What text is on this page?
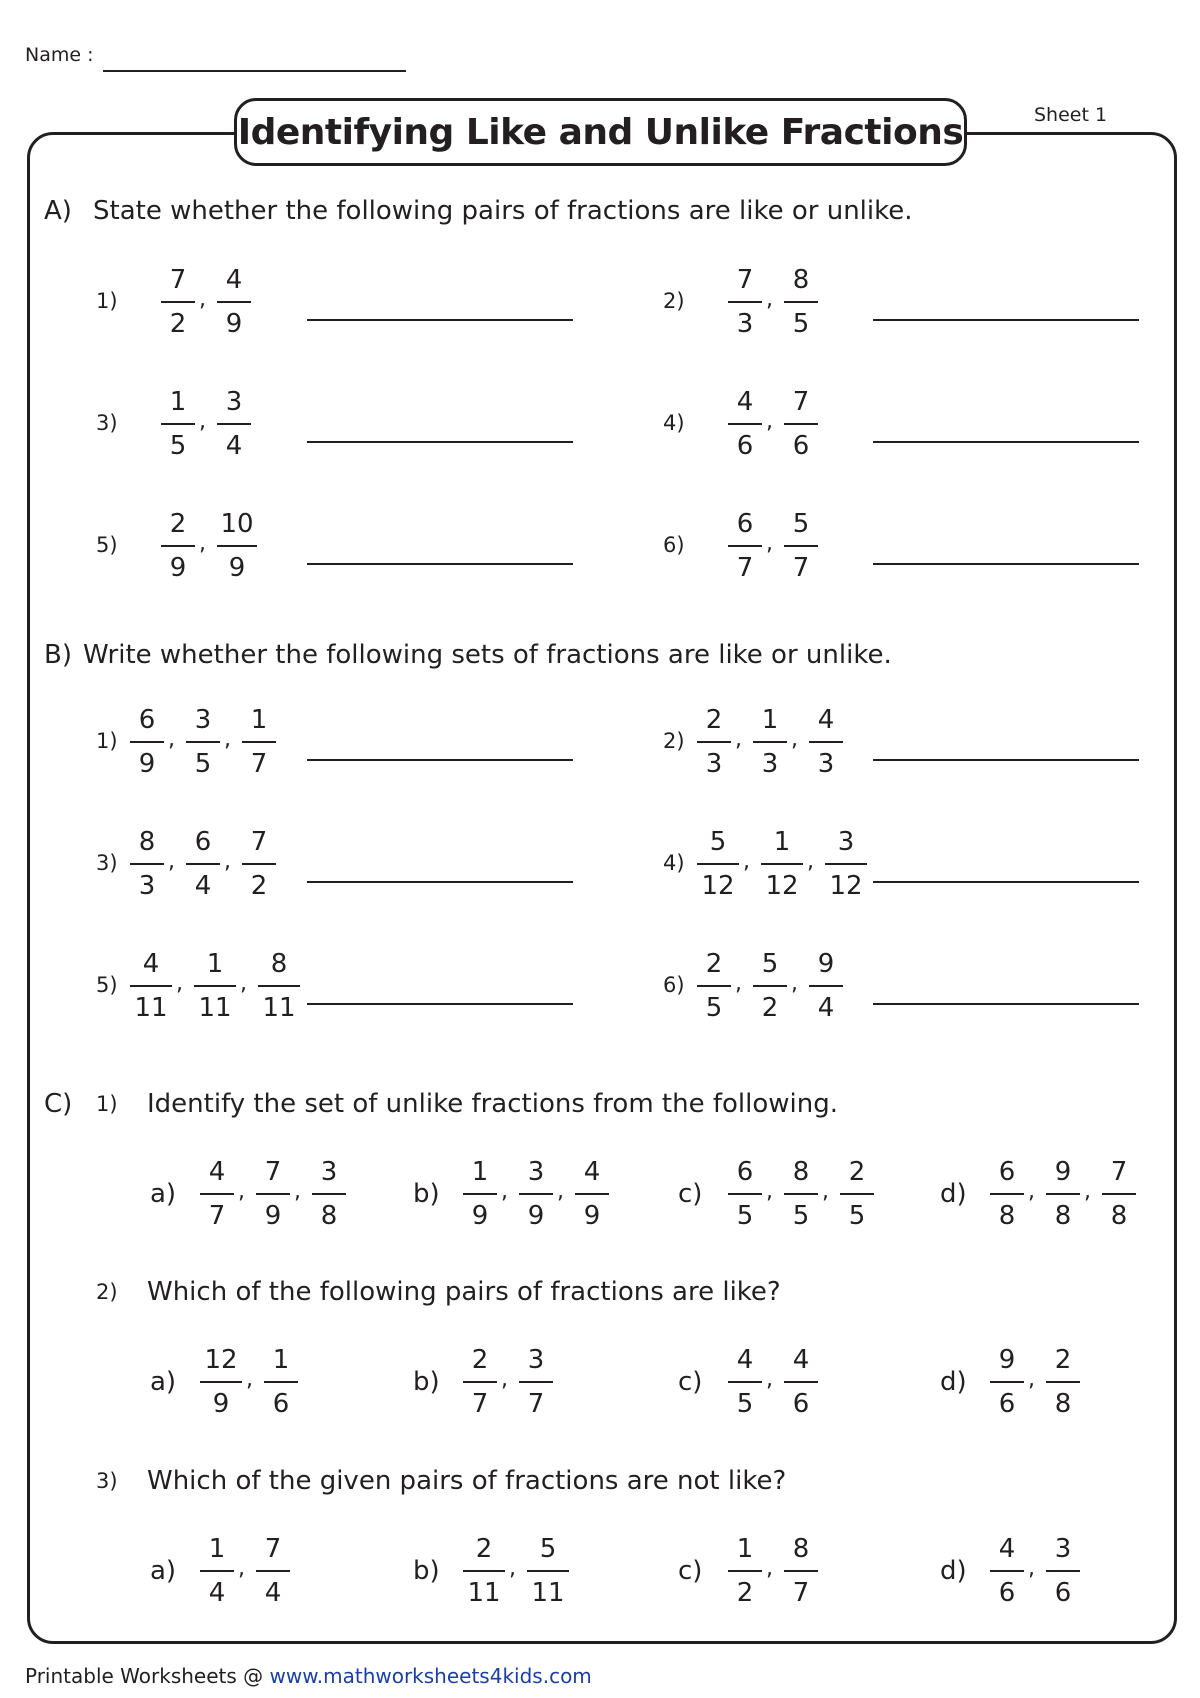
Name :
Identifying Like and Unlike Fractions	Sheet 1
A) State whether the following pairs of fractions are like or unlike.
1)
7
2
,
4
9
2)
7
3
,
8
5
3)
1
5
,
3
4
4)
4
6
,
7
6
5)
2
9
,
10
9
6)
6
7
,
5
7
B) Write whether the following sets of fractions are like or unlike.
1)
6
9
,
3
5
,
1
7
2)
2
3
,
1
3
,
4
3
3)
8
3
,
6
4
,
7
2
4)
5
12
,
1
12
,
3
12
5)
4
11
,
1
11
,
8
11
6)
2
5
,
5
2
,
9
4
C) 1) Identify the set of unlike fractions from the following.
a)
4
7
,
7
9
,
3
8
b)
1
9
,
3
9
,
4
9
c)
6
5
,
8
5
,
2
5
d)
6
8
,
9
8
,
7
8
2) Which of the following pairs of fractions are like?
a)
12
9
,
1
6
b)
2
7
,
3
7
c)
4
5
,
4
6
d)
9
6
,
2
8
3) Which of the given pairs of fractions are not like?
a)
1
4
,
7
4
b)
2
11
,
5
11
c)
1
2
,
8
7
d)
4
6
,
3
6
Printable Worksheets @ www.mathworksheets4kids.com
